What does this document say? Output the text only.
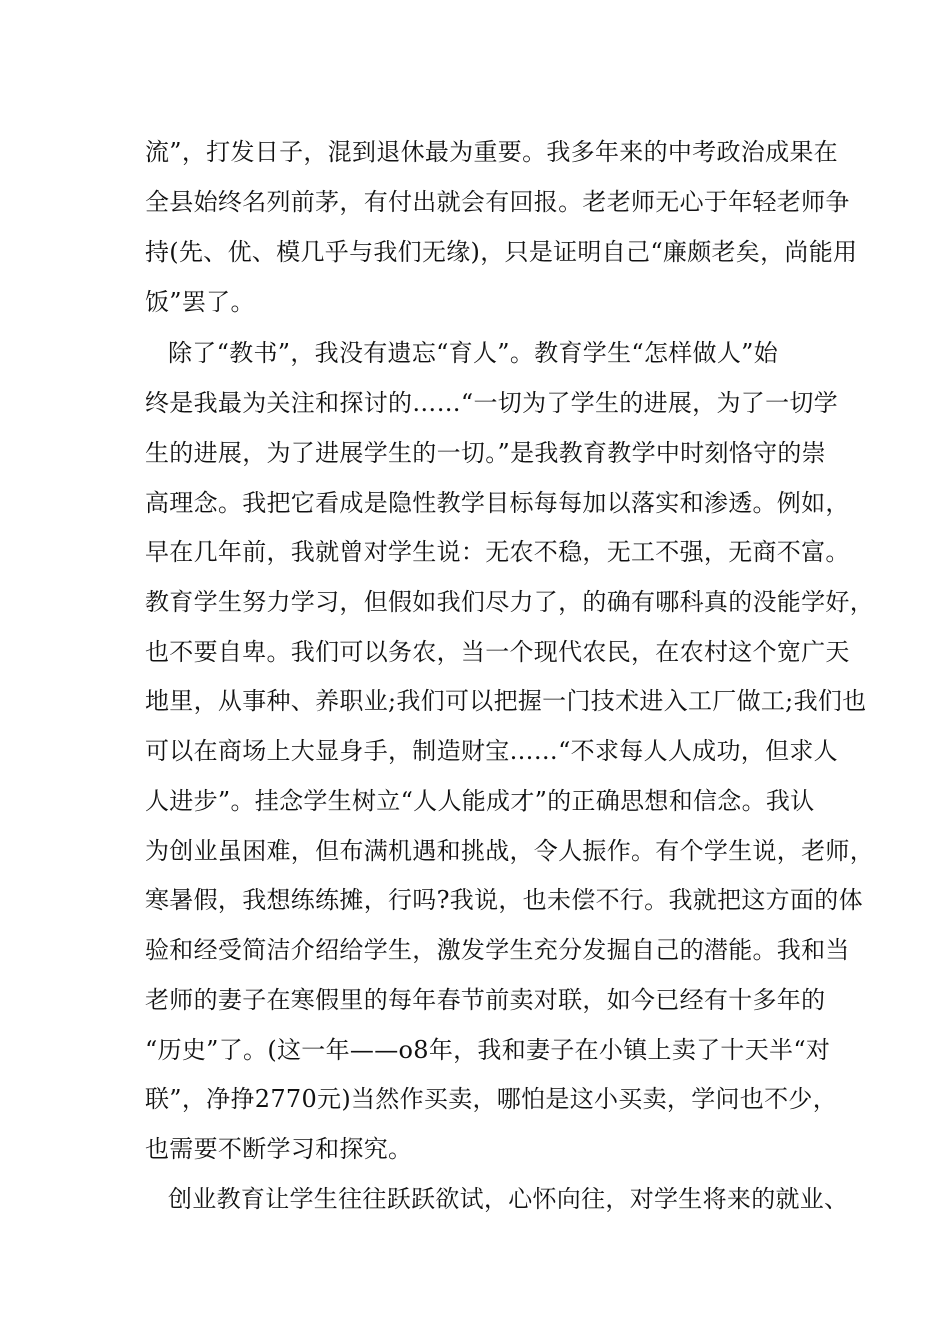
流”，打发日子，混到退休最为重要。我多年来的中考政治成果在
全县始终名列前茅，有付出就会有回报。老老师无心于年轻老师争
持(先、优、模几乎与我们无缘)，只是证明自己“廉颇老矣，尚能用
饭”罢了。
除了“教书”，我没有遗忘“育人”。教育学生“怎样做人”始
终是我最为关注和探讨的……“一切为了学生的进展，为了一切学
生的进展，为了进展学生的一切。”是我教育教学中时刻恪守的崇
高理念。我把它看成是隐性教学目标每每加以落实和渗透。例如，
早在几年前，我就曾对学生说：无农不稳，无工不强，无商不富。
教育学生努力学习，但假如我们尽力了，的确有哪科真的没能学好，
也不要自卑。我们可以务农，当一个现代农民，在农村这个宽广天
地里，从事种、养职业;我们可以把握一门技术进入工厂做工;我们也
可以在商场上大显身手，制造财宝……“不求每人人成功，但求人
人进步”。挂念学生树立“人人能成才”的正确思想和信念。我认
为创业虽困难，但布满机遇和挑战，令人振作。有个学生说，老师，
寒暑假，我想练练摊，行吗?我说，也未偿不行。我就把这方面的体
验和经受简洁介绍给学生，激发学生充分发掘自己的潜能。我和当
老师的妻子在寒假里的每年春节前卖对联，如今已经有十多年的
“历史”了。(这一年——o8年，我和妻子在小镇上卖了十天半“对
联”，净挣2770元)当然作买卖，哪怕是这小买卖，学问也不少，
也需要不断学习和探究。
创业教育让学生往往跃跃欲试，心怀向往，对学生将来的就业、
